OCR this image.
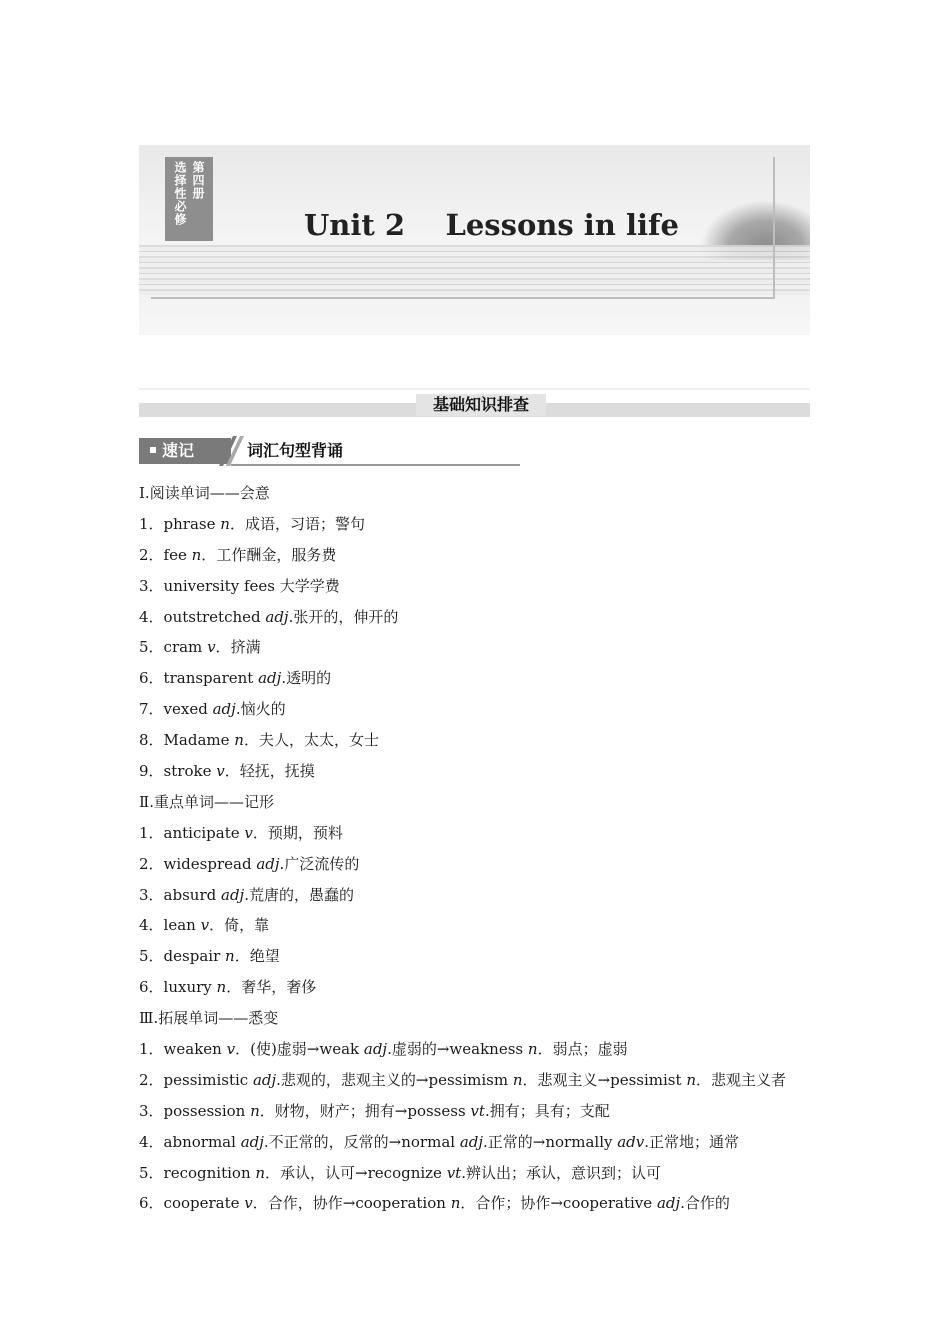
第四册
选择性必修	Unit 2    Lessons in life
基础知识排查
速记	词汇句型背诵
Ⅰ.阅读单词——会意
1．phrase n．成语，习语；警句
2．fee n．工作酬金，服务费
3．university fees 大学学费
4．outstretched adj.张开的，伸开的
5．cram v．挤满
6．transparent adj.透明的
7．vexed adj.恼火的
8．Madame n．夫人，太太，女士
9．stroke v．轻抚，抚摸
Ⅱ.重点单词——记形
1．anticipate v．预期，预料
2．widespread adj.广泛流传的
3．absurd adj.荒唐的，愚蠢的
4．lean v．倚，靠
5．despair n．绝望
6．luxury n．奢华，奢侈
Ⅲ.拓展单词——悉变
1．weaken v．(使)虚弱→weak adj.虚弱的→weakness n．弱点；虚弱
2．pessimistic adj.悲观的，悲观主义的→pessimism n．悲观主义→pessimist n．悲观主义者
3．possession n．财物，财产；拥有→possess vt.拥有；具有；支配
4．abnormal adj.不正常的，反常的→normal adj.正常的→normally adv.正常地；通常
5．recognition n．承认，认可→recognize vt.辨认出；承认，意识到；认可
6．cooperate v．合作，协作→cooperation n．合作；协作→cooperative adj.合作的
